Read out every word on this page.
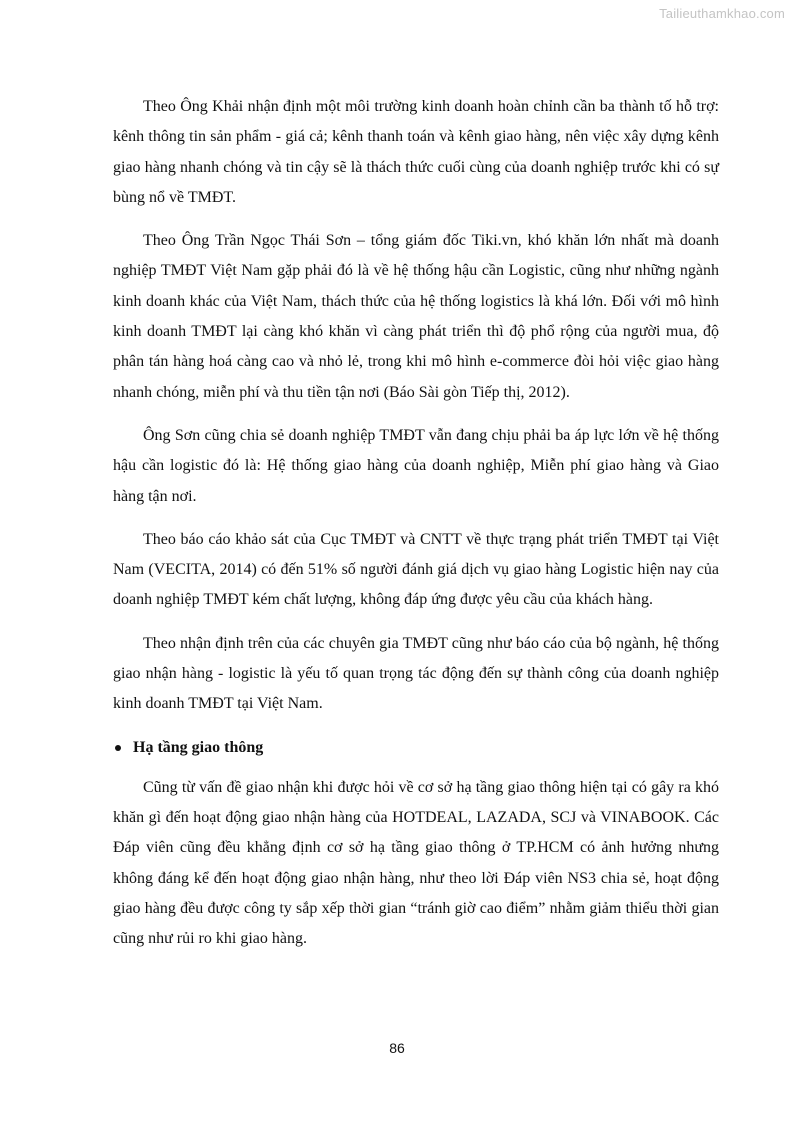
Tailieuthamkhao.com

Theo Ông Khải nhận định một môi trường kinh doanh hoàn chỉnh cần ba thành tố hỗ trợ: kênh thông tin sản phẩm - giá cả; kênh thanh toán và kênh giao hàng, nên việc xây dựng kênh giao hàng nhanh chóng và tin cậy sẽ là thách thức cuối cùng của doanh nghiệp trước khi có sự bùng nổ về TMĐT.

Theo Ông Trần Ngọc Thái Sơn – tổng giám đốc Tiki.vn, khó khăn lớn nhất mà doanh nghiệp TMĐT Việt Nam gặp phải đó là về hệ thống hậu cần Logistic, cũng như những ngành kinh doanh khác của Việt Nam, thách thức của hệ thống logistics là khá lớn. Đối với mô hình kinh doanh TMĐT lại càng khó khăn vì càng phát triển thì độ phổ rộng của người mua, độ phân tán hàng hoá càng cao và nhỏ lẻ, trong khi mô hình e-commerce đòi hỏi việc giao hàng nhanh chóng, miễn phí và thu tiền tận nơi (Báo Sài gòn Tiếp thị, 2012).

Ông Sơn cũng chia sẻ doanh nghiệp TMĐT vẫn đang chịu phải ba áp lực lớn về hệ thống hậu cần logistic đó là: Hệ thống giao hàng của doanh nghiệp, Miễn phí giao hàng và Giao hàng tận nơi.

Theo báo cáo khảo sát của Cục TMĐT và CNTT về thực trạng phát triển TMĐT tại Việt Nam (VECITA, 2014) có đến 51% số người đánh giá dịch vụ giao hàng Logistic hiện nay của doanh nghiệp TMĐT kém chất lượng, không đáp ứng được yêu cầu của khách hàng.

Theo nhận định trên của các chuyên gia TMĐT cũng như báo cáo của bộ ngành, hệ thống giao nhận hàng - logistic là yếu tố quan trọng tác động đến sự thành công của doanh nghiệp kinh doanh TMĐT tại Việt Nam.

Hạ tầng giao thông

Cũng từ vấn đề giao nhận khi được hỏi về cơ sở hạ tầng giao thông hiện tại có gây ra khó khăn gì đến hoạt động giao nhận hàng của HOTDEAL, LAZADA, SCJ và VINABOOK. Các Đáp viên cũng đều khẳng định cơ sở hạ tầng giao thông ở TP.HCM có ảnh hưởng nhưng không đáng kể đến hoạt động giao nhận hàng, như theo lời Đáp viên NS3 chia sẻ, hoạt động giao hàng đều được công ty sắp xếp thời gian “tránh giờ cao điểm” nhằm giảm thiểu thời gian cũng như rủi ro khi giao hàng.

86
